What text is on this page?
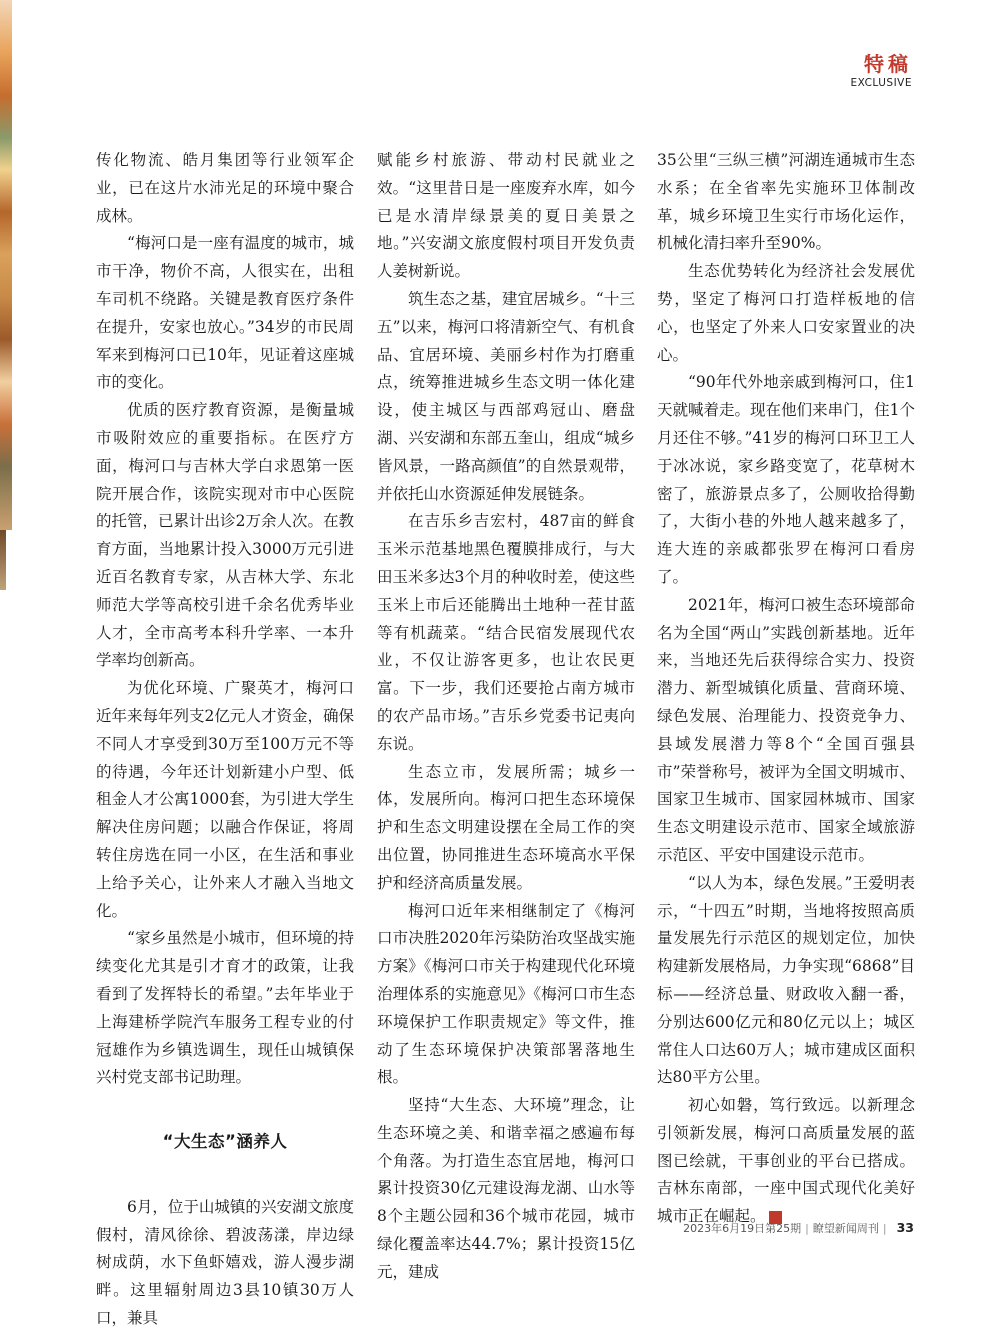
特稿
EXCLUSIVE

传化物流、皓月集团等行业领军企业，已在这片水沛光足的环境中聚合成林。

“梅河口是一座有温度的城市，城市干净，物价不高，人很实在，出租车司机不绕路。关键是教育医疗条件在提升，安家也放心。”34岁的市民周军来到梅河口已10年，见证着这座城市的变化。

优质的医疗教育资源，是衡量城市吸附效应的重要指标。在医疗方面，梅河口与吉林大学白求恩第一医院开展合作，该院实现对市中心医院的托管，已累计出诊2万余人次。在教育方面，当地累计投入3000万元引进近百名教育专家，从吉林大学、东北师范大学等高校引进千余名优秀毕业人才，全市高考本科升学率、一本升学率均创新高。

为优化环境、广聚英才，梅河口近年来每年列支2亿元人才资金，确保不同人才享受到30万至100万元不等的待遇，今年还计划新建小户型、低租金人才公寓1000套，为引进大学生解决住房问题；以融合作保证，将周转住房选在同一小区，在生活和事业上给予关心，让外来人才融入当地文化。

“家乡虽然是小城市，但环境的持续变化尤其是引才育才的政策，让我看到了发挥特长的希望。”去年毕业于上海建桥学院汽车服务工程专业的付冠雄作为乡镇选调生，现任山城镇保兴村党支部书记助理。

“大生态”涵养人

6月，位于山城镇的兴安湖文旅度假村，清风徐徐、碧波荡漾，岸边绿树成荫，水下鱼虾嬉戏，游人漫步湖畔。这里辐射周边3县10镇30万人口，兼具

赋能乡村旅游、带动村民就业之效。“这里昔日是一座废弃水库，如今已是水清岸绿景美的夏日美景之地。”兴安湖文旅度假村项目开发负责人姜树新说。

筑生态之基，建宜居城乡。“十三五”以来，梅河口将清新空气、有机食品、宜居环境、美丽乡村作为打磨重点，统筹推进城乡生态文明一体化建设，使主城区与西部鸡冠山、磨盘湖、兴安湖和东部五奎山，组成“城乡皆风景，一路高颜值”的自然景观带，并依托山水资源延伸发展链条。

在吉乐乡吉宏村，487亩的鲜食玉米示范基地黑色覆膜排成行，与大田玉米多达3个月的种收时差，使这些玉米上市后还能腾出土地种一茬甘蓝等有机蔬菜。“结合民宿发展现代农业，不仅让游客更多，也让农民更富。下一步，我们还要抢占南方城市的农产品市场。”吉乐乡党委书记夷向东说。

生态立市，发展所需；城乡一体，发展所向。梅河口把生态环境保护和生态文明建设摆在全局工作的突出位置，协同推进生态环境高水平保护和经济高质量发展。

梅河口近年来相继制定了《梅河口市决胜2020年污染防治攻坚战实施方案》《梅河口市关于构建现代化环境治理体系的实施意见》《梅河口市生态环境保护工作职责规定》等文件，推动了生态环境保护决策部署落地生根。

坚持“大生态、大环境”理念，让生态环境之美、和谐幸福之感遍布每个角落。为打造生态宜居地，梅河口累计投资30亿元建设海龙湖、山水等8个主题公园和36个城市花园，城市绿化覆盖率达44.7%；累计投资15亿元，建成

35公里“三纵三横”河湖连通城市生态水系；在全省率先实施环卫体制改革，城乡环境卫生实行市场化运作，机械化清扫率升至90%。

生态优势转化为经济社会发展优势，坚定了梅河口打造样板地的信心，也坚定了外来人口安家置业的决心。

“90年代外地亲戚到梅河口，住1天就喊着走。现在他们来串门，住1个月还住不够。”41岁的梅河口环卫工人于冰冰说，家乡路变宽了，花草树木密了，旅游景点多了，公厕收拾得勤了，大街小巷的外地人越来越多了，连大连的亲戚都张罗在梅河口看房了。

2021年，梅河口被生态环境部命名为全国“两山”实践创新基地。近年来，当地还先后获得综合实力、投资潜力、新型城镇化质量、营商环境、绿色发展、治理能力、投资竞争力、县域发展潜力等8个“全国百强县市”荣誉称号，被评为全国文明城市、国家卫生城市、国家园林城市、国家生态文明建设示范市、国家全域旅游示范区、平安中国建设示范市。

“以人为本，绿色发展。”王爱明表示，“十四五”时期，当地将按照高质量发展先行示范区的规划定位，加快构建新发展格局，力争实现“6868”目标——经济总量、财政收入翻一番，分别达600亿元和80亿元以上；城区常住人口达60万人；城市建成区面积达80平方公里。

初心如磐，笃行致远。以新理念引领新发展，梅河口高质量发展的蓝图已绘就，干事创业的平台已搭成。吉林东南部，一座中国式现代化美好城市正在崛起。	瞭

2023年6月19日第25期 | 瞭望新闻周刊 | 33
